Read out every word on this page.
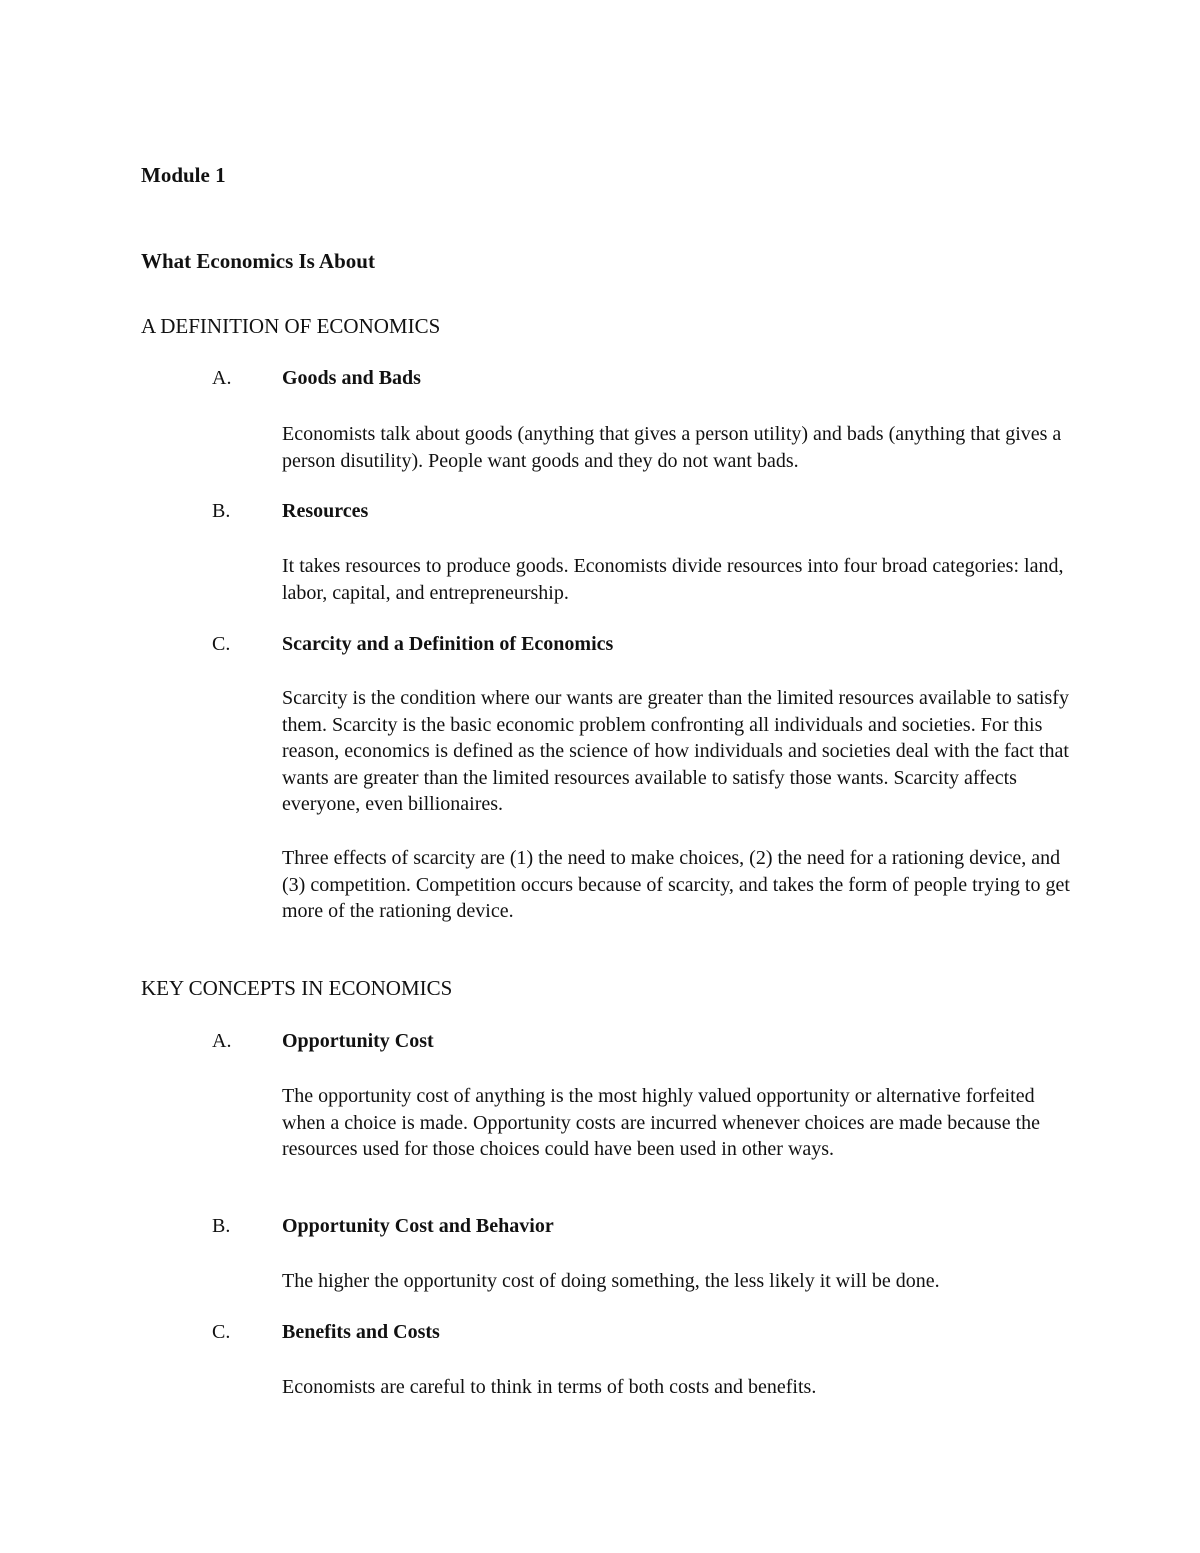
Module 1
What Economics Is About
A DEFINITION OF ECONOMICS
A.	Goods and Bads
Economists talk about goods (anything that gives a person utility) and bads (anything that gives a person disutility). People want goods and they do not want bads.
B.	Resources
It takes resources to produce goods. Economists divide resources into four broad categories: land, labor, capital, and entrepreneurship.
C.	Scarcity and a Definition of Economics
Scarcity is the condition where our wants are greater than the limited resources available to satisfy them. Scarcity is the basic economic problem confronting all individuals and societies. For this reason, economics is defined as the science of how individuals and societies deal with the fact that wants are greater than the limited resources available to satisfy those wants. Scarcity affects everyone, even billionaires.
Three effects of scarcity are (1) the need to make choices, (2) the need for a rationing device, and (3) competition. Competition occurs because of scarcity, and takes the form of people trying to get more of the rationing device.
KEY CONCEPTS IN ECONOMICS
A.	Opportunity Cost
The opportunity cost of anything is the most highly valued opportunity or alternative forfeited when a choice is made. Opportunity costs are incurred whenever choices are made because the resources used for those choices could have been used in other ways.
B.	Opportunity Cost and Behavior
The higher the opportunity cost of doing something, the less likely it will be done.
C.	Benefits and Costs
Economists are careful to think in terms of both costs and benefits.
